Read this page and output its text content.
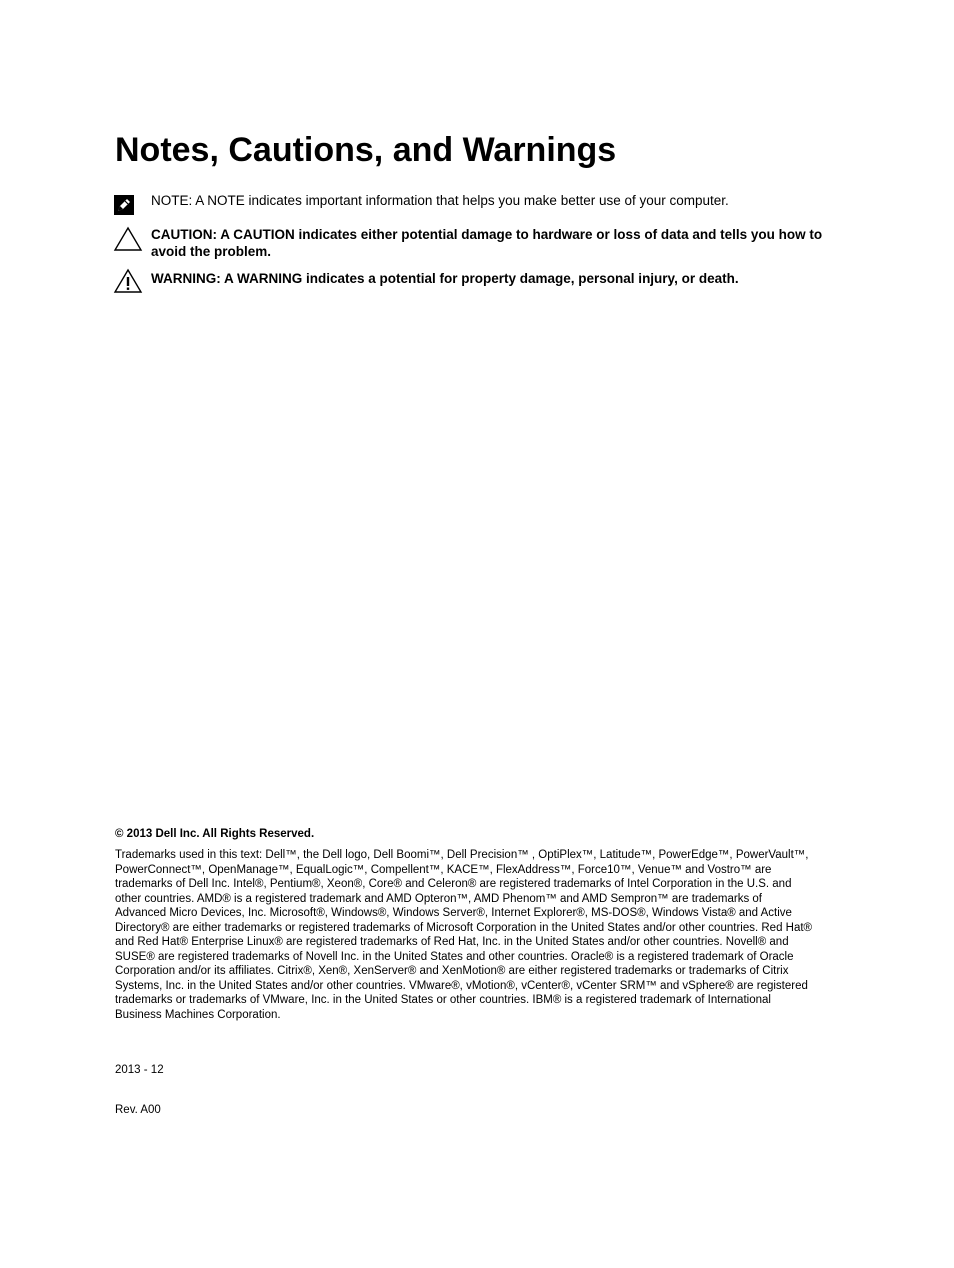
Notes, Cautions, and Warnings
NOTE: A NOTE indicates important information that helps you make better use of your computer.
CAUTION: A CAUTION indicates either potential damage to hardware or loss of data and tells you how to avoid the problem.
WARNING: A WARNING indicates a potential for property damage, personal injury, or death.
© 2013 Dell Inc. All Rights Reserved.

Trademarks used in this text: Dell™, the Dell logo, Dell Boomi™, Dell Precision™ , OptiPlex™, Latitude™, PowerEdge™, PowerVault™, PowerConnect™, OpenManage™, EqualLogic™, Compellent™, KACE™, FlexAddress™, Force10™, Venue™ and Vostro™ are trademarks of Dell Inc. Intel®, Pentium®, Xeon®, Core® and Celeron® are registered trademarks of Intel Corporation in the U.S. and other countries. AMD® is a registered trademark and AMD Opteron™, AMD Phenom™ and AMD Sempron™ are trademarks of Advanced Micro Devices, Inc. Microsoft®, Windows®, Windows Server®, Internet Explorer®, MS-DOS®, Windows Vista® and Active Directory® are either trademarks or registered trademarks of Microsoft Corporation in the United States and/or other countries. Red Hat® and Red Hat® Enterprise Linux® are registered trademarks of Red Hat, Inc. in the United States and/or other countries. Novell® and SUSE® are registered trademarks of Novell Inc. in the United States and other countries. Oracle® is a registered trademark of Oracle Corporation and/or its affiliates. Citrix®, Xen®, XenServer® and XenMotion® are either registered trademarks or trademarks of Citrix Systems, Inc. in the United States and/or other countries. VMware®, vMotion®, vCenter®, vCenter SRM™ and vSphere® are registered trademarks or trademarks of VMware, Inc. in the United States or other countries. IBM® is a registered trademark of International Business Machines Corporation.

2013 - 12
Rev. A00
